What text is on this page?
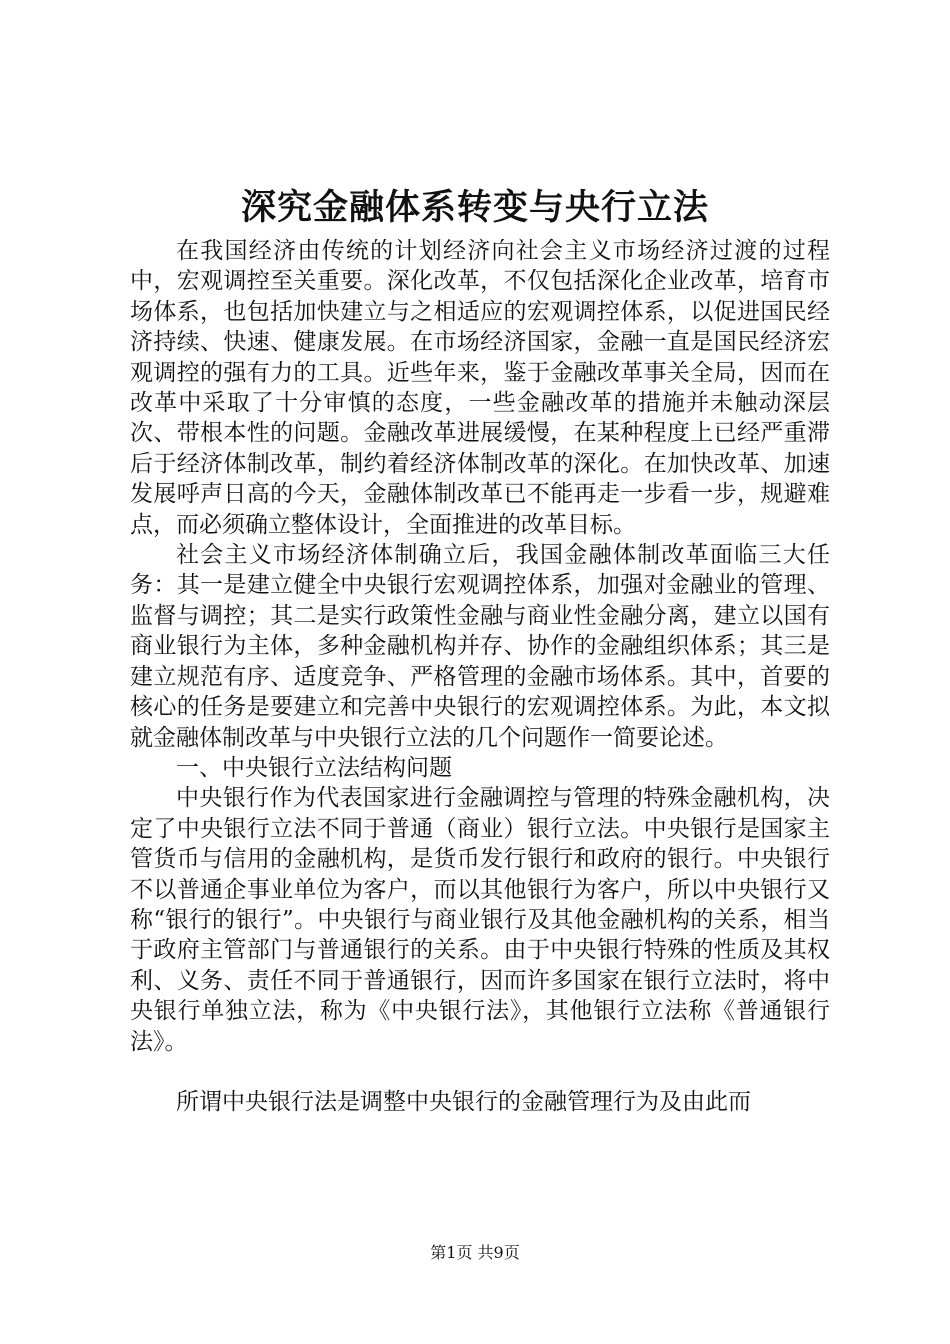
深究金融体系转变与央行立法

在我国经济由传统的计划经济向社会主义市场经济过渡的过程中，宏观调控至关重要。深化改革，不仅包括深化企业改革，培育市场体系，也包括加快建立与之相适应的宏观调控体系，以促进国民经济持续、快速、健康发展。在市场经济国家，金融一直是国民经济宏观调控的强有力的工具。近些年来，鉴于金融改革事关全局，因而在改革中采取了十分审慎的态度，一些金融改革的措施并未触动深层次、带根本性的问题。金融改革进展缓慢，在某种程度上已经严重滞后于经济体制改革，制约着经济体制改革的深化。在加快改革、加速发展呼声日高的今天，金融体制改革已不能再走一步看一步，规避难点，而必须确立整体设计，全面推进的改革目标。

社会主义市场经济体制确立后，我国金融体制改革面临三大任务：其一是建立健全中央银行宏观调控体系，加强对金融业的管理、监督与调控；其二是实行政策性金融与商业性金融分离，建立以国有商业银行为主体，多种金融机构并存、协作的金融组织体系；其三是建立规范有序、适度竞争、严格管理的金融市场体系。其中，首要的核心的任务是要建立和完善中央银行的宏观调控体系。为此，本文拟就金融体制改革与中央银行立法的几个问题作一简要论述。

一、中央银行立法结构问题

中央银行作为代表国家进行金融调控与管理的特殊金融机构，决定了中央银行立法不同于普通（商业）银行立法。中央银行是国家主管货币与信用的金融机构，是货币发行银行和政府的银行。中央银行不以普通企事业单位为客户，而以其他银行为客户，所以中央银行又称“银行的银行”。中央银行与商业银行及其他金融机构的关系，相当于政府主管部门与普通银行的关系。由于中央银行特殊的性质及其权利、义务、责任不同于普通银行，因而许多国家在银行立法时，将中央银行单独立法，称为《中央银行法》，其他银行立法称《普通银行法》。

所谓中央银行法是调整中央银行的金融管理行为及由此而

第1页 共9页
